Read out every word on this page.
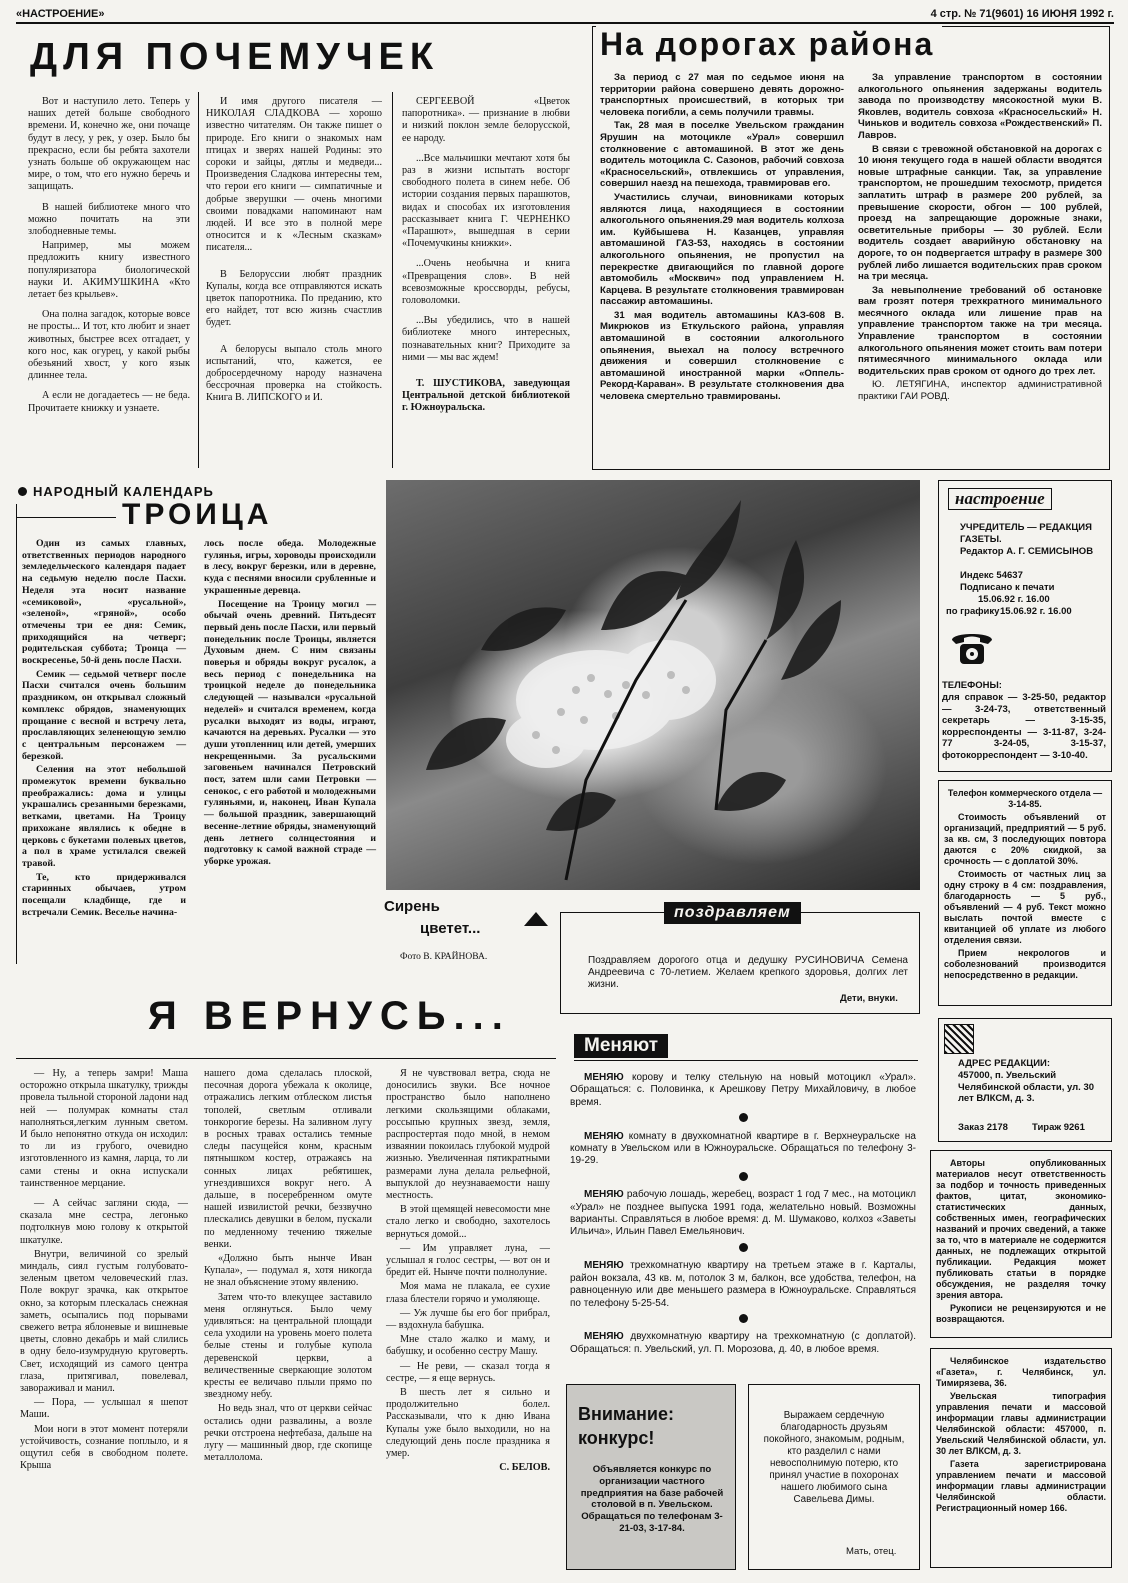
«НАСТРОЕНИЕ»	4 стр. № 71(9601) 16 ИЮНЯ 1992 г.
ДЛЯ ПОЧЕМУЧЕК

Вот и наступило лето. Теперь у наших детей больше свободного времени. И, конечно же, они почаще будут в лесу, у рек, у озер. Было бы прекрасно, если бы ребята захотели узнать больше об окружающем нас мире, о том, что его нужно беречь и защищать.

В нашей библиотеке много что можно почитать на эти злободневные темы.

Например, мы можем предложить книгу известного популяризатора биологической науки И. АКИМУШКИНА «Кто летает без крыльев».

Она полна загадок, которые вовсе не просты... И тот, кто любит и знает животных, быстрее всех отгадает, у кого нос, как огурец, у какой рыбы обезьяний хвост, у кого язык длиннее тела.

А если не догадаетесь — не беда. Прочитаете книжку и узнаете.

И имя другого писателя — НИКОЛАЯ СЛАДКОВА — хорошо известно читателям. Он также пишет о природе. Его книги о знакомых нам птицах и зверях нашей Родины: это сороки и зайцы, дятлы и медведи... Произведения Сладкова интересны тем, что герои его книги — симпатичные и добрые зверушки — очень многими своими повадками напоминают нам людей. И все это в полной мере относится и к «Лесным сказкам» писателя...

В Белоруссии любят праздник Купалы, когда все отправляются искать цветок папоротника. По преданию, кто его найдет, тот всю жизнь счастлив будет.

А белорусы выпало столь много испытаний, что, кажется, ее добросердечному народу назначена бессрочная проверка на стойкость. Книга В. ЛИПСКОГО и И.

СЕРГЕЕВОЙ «Цветок папоротника». — признание в любви и низкий поклон земле белорусской, ее народу.

...Все мальчишки мечтают хотя бы раз в жизни испытать восторг свободного полета в синем небе. Об истории создания первых парашютов, видах и способах их изготовления рассказывает книга Г. ЧЕРНЕНКО «Парашют», вышедшая в серии «Почемучкины книжки».

...Очень необычна и книга «Превращения слов». В ней всевозможные кроссворды, ребусы, головоломки.

...Вы убедились, что в нашей библиотеке много интересных, познавательных книг? Приходите за ними — мы вас ждем!

Т. ШУСТИКОВА, заведующая Центральной детской библиотекой г. Южноуральска.

На дорогах района

За период с 27 мая по седьмое июня на территории района совершено девять дорожно-транспортных происшествий, в которых три человека погибли, а семь получили травмы.

Так, 28 мая в поселке Увельском гражданин Ярушин на мотоцикле «Урал» совершил столкновение с автомашиной. В этот же день водитель мотоцикла С. Сазонов, рабочий совхоза «Красносельский», отвлекшись от управления, совершил наезд на пешехода, травмировав его.

Участились случаи, виновниками которых являются лица, находящиеся в состоянии алкогольного опьянения.29 мая водитель колхоза им. Куйбышева Н. Казанцев, управляя автомашиной ГАЗ-53, находясь в состоянии алкогольного опьянения, не пропустил на перекрестке двигающийся по главной дороге автомобиль «Москвич» под управлением Н. Карцева. В результате столкновения травмирован пассажир автомашины.

31 мая водитель автомашины КАЗ-608 В. Микрюков из Еткульского района, управляя автомашиной в состоянии алкогольного опьянения, выехал на полосу встречного движения и совершил столкновение с автомашиной иностранной марки «Оппель-Рекорд-Караван». В результате столкновения два человека смертельно травмированы.

За управление транспортом в состоянии алкогольного опьянения задержаны водитель завода по производству мясокостной муки В. Яковлев, водитель совхоза «Красносельский» Н. Чиньков и водитель совхоза «Рождественский» П. Лавров.

В связи с тревожной обстановкой на дорогах с 10 июня текущего года в нашей области вводятся новые штрафные санкции. Так, за управление транспортом, не прошедшим техосмотр, придется заплатить штраф в размере 200 рублей, за превышение скорости, обгон — 100 рублей, проезд на запрещающие дорожные знаки, осветительные приборы — 30 рублей. Если водитель создает аварийную обстановку на дороге, то он подвергается штрафу в размере 300 рублей либо лишается водительских прав сроком на три месяца.

За невыполнение требований об остановке вам грозят потеря трехкратного минимального месячного оклада или лишение прав на управление транспортом также на три месяца. Управление транспортом в состоянии алкогольного опьянения может стоить вам потери пятимесячного минимального оклада или водительских прав сроком от одного до трех лет.

Ю. ЛЕТЯГИНА, инспектор административной практики ГАИ РОВД.

НАРОДНЫЙ КАЛЕНДАРЬ
ТРОИЦА

Один из самых главных, ответственных периодов народного земледельческого календаря падает на седьмую неделю после Пасхи. Неделя эта носит название «семиковой», «русальной», «зеленой», «гряной», особо отмечены три ее дня: Семик, приходящийся на четверг; родительская суббота; Троица —воскресенье, 50-й день после Пасхи.

Семик — седьмой четверг после Пасхи считался очень большим праздником, он открывал сложный комплекс обрядов, знаменующих прощание с весной и встречу лета, прославляющих зеленеющую землю с центральным персонажем — березкой.

Селения на этот небольшой промежуток времени буквально преображались: дома и улицы украшались срезанными березками, ветками, цветами. На Троицу прихожане являлись к обедне в церковь с букетами полевых цветов, а пол в храме устилался свежей травой.

Те, кто придерживался старинных обычаев, утром посещали кладбище, где и встречали Семик. Веселье начина-

лось после обеда. Молодежные гулянья, игры, хороводы происходили в лесу, вокруг березки, или в деревне, куда с песнями вносили срубленные и украшенные деревца.

Посещение на Троицу могил — обычай очень древний. Пятьдесят первый день после Пасхи, или первый понедельник после Троицы, является Духовым днем. С ним связаны поверья и обряды вокруг русалок, а весь период с понедельника на троицкой неделе до понедельника следующей — называлси «русальной неделей» и считался временем, когда русалки выходят из воды, играют, качаются на деревьях. Русалки — это души утопленниц или детей, умерших некрещенными. За русальскими заговеньем начинался Петровский пост, затем шли сами Петровки — сенокос, с его работой и молодежными гуляньями, и, наконец, Иван Купала — большой праздник, завершающий весенне-летние обряды, знаменующий день летнего солнцестояния и подготовку к самой важной страде — уборке урожая.

Сирень
цветет...
Фото В. КРАЙНОВА.
поздравляем
Поздравляем дорогого отца и дедушку РУСИНОВИЧА Семена Андреевича с 70-летием. Желаем крепкого здоровья, долгих лет жизни.
Дети, внуки.
настроение
УЧРЕДИТЕЛЬ — РЕДАКЦИЯ ГАЗЕТЫ.
Редактор А. Г. СЕМИСЫНОВ
Индекс 54637
Подписано к печати
15.06.92 г. 16.00
по графику 15.06.92 г. 16.00
ТЕЛЕФОНЫ:
для справок — 3-25-50, редактор — 3-24-73, ответственный секретарь — 3-15-35, корреспонденты — 3-11-87, 3-24-77 3-24-05, 3-15-37, фотокорреспондент — 3-10-40.

Телефон коммерческого отдела — 3-14-85.

Стоимость объявлений от организаций, предприятий — 5 руб. за кв. см, 3 последующих повтора даются с 20% скидкой, за срочность — с доплатой 30%.

Стоимость от частных лиц за одну строку в 4 см: поздравления, благодарность — 5 руб., объявлений — 4 руб. Текст можно выслать почтой вместе с квитанцией об уплате из любого отделения связи.

Прием некрологов и соболезнований производится непосредственно в редакции.

АДРЕС РЕДАКЦИИ:
457000, п. Увельский Челябинской области, ул. 30 лет ВЛКСМ, д. 3.
Заказ 2178	Тираж 9261

Авторы опубликованных материалов несут ответственность за подбор и точность приведенных фактов, цитат, экономико-статистических данных, собственных имен, географических названий и прочих сведений, а также за то, что в материале не содержится данных, не подлежащих открытой публикации. Редакция может публиковать статьи в порядке обсуждения, не разделяя точку зрения автора.

Рукописи не рецензируются и не возвращаются.

Челябинское издательство «Газета», г. Челябинск, ул. Тимирязева, 36.

Увельская типография управления печати и массовой информации главы администрации Челябинской области: 457000, п. Увельский Челябинской области, ул. 30 лет ВЛКСМ, д. 3.

Газета зарегистрирована управлением печати и массовой информации главы администрации Челябинской области. Регистрационный номер 166.

Я ВЕРНУСЬ...

— Ну, а теперь замри! Маша осторожно открыла шкатулку, трижды провела тыльной стороной ладони над ней — полумрак комнаты стал наполняться,легким лунным светом. И было непонятно откуда он исходил: то ли из грубого, очевидно изготовленного из камня, ларца, то ли сами стены и окна испускали таинственное мерцание.

— А сейчас загляни сюда, — сказала мне сестра, легонько подтолкнув мою голову к открытой шкатулке.

Внутри, величиной со зрелый миндаль, сиял густым голубовато-зеленым цветом человеческий глаз. Поле вокруг зрачка, как открытое окно, за которым плескалась снежная заметь, осыпались под порывами свежего ветра яблоневые и вишневые цветы, словно декабрь и май слились в одну бело-изумрудную круговерть. Свет, исходящий из самого центра глаза, притягивал, повелевал, завораживал и манил.

— Пора, — услышал я шепот Маши.

Мои ноги в этот момент потеряли устойчивость, сознание поплыло, и я ощутил себя в свободном полете. Крыша

нашего дома сделалась плоской, песочная дорога убежала к околице, отражались легким отблеском листья тополей, светлым отливали тонкорогие березы. На заливном лугу в росных травах остались темные следы пасущейся конм, красным пятнышком костер, отражаясь на сонных лицах ребятишек, угнездившихся вокруг него. А дальше, в посеребренном омуте нашей извилистой речки, беззвучно плескались девушки в белом, пускали по медленному течению тяжелые венки.

«Должно быть нынче Иван Купала», — подумал я, хотя никогда не знал объяснение этому явлению.

Затем что-то влекущее заставило меня оглянуться. Было чему удивляться: на центральной площади села уходили на уровень моего полета белые стены и голубые купола деревенской церкви, а величественные сверкающие золотом кресты ее величаво плыли прямо по звездному небу.

Но ведь знал, что от церкви сейчас остались одни развалины, а возле речки отстроена нефтебаза, дальше на лугу — машинный двор, где скопище металлолома.

Я не чувствовал ветра, сюда не доносились звуки. Все ночное пространство было наполнено легкими скользящими облаками, россыпью крупных звезд, земля, распростертая подо мной, в немом изваянии покоилась глубокой мудрой жизнью. Увеличенная пятикратными размерами луна делала рельефной, выпуклой до неузнаваемости нашу местность.

В этой щемящей невесомости мне стало легко и свободно, захотелось вернуться домой...

— Им управляет луна, — услышал я голос сестры, — вот он и бредит ей. Нынче почти полнолуние.

Моя мама не плакала, ее сухие глаза блестели горячо и умоляюще.

— Уж лучше бы его бог прибрал, — вздохнула бабушка.

Мне стало жалко и маму, и бабушку, и особенно сестру Машу.

— Не реви, — сказал тогда я сестре, — я еще вернусь.

В шесть лет я сильно и продолжительно болел. Рассказывали, что к дню Ивана Купалы уже было выходили, но на следующий день после праздника я умер.

С. БЕЛОВ.

Меняют

МЕНЯЮ корову и телку стельную на новый мотоцикл «Урал». Обращаться: с. Половинка, к Арешкову Петру Михайловичу, в любое время.

МЕНЯЮ комнату в двухкомнатной квартире в г. Верхнеуральске на комнату в Увельском или в Южноуральске. Обращаться по телефону 3-19-29.

МЕНЯЮ рабочую лошадь, жеребец, возраст 1 год 7 мес., на мотоцикл «Урал» не позднее выпуска 1991 года, желательно новый. Возможны варианты. Справляться в любое время: д. М. Шумаково, колхоз «Заветы Ильича», Ильин Павел Емельянович.

МЕНЯЮ трехкомнатную квартиру на третьем этаже в г. Карталы, район вокзала, 43 кв. м, потолок 3 м, балкон, все удобства, телефон, на равноценную или две меньшего размера в Южноуральске. Справляться по телефону 5-25-54.

МЕНЯЮ двухкомнатную квартиру на трехкомнатную (с доплатой). Обращаться: п. Увельский, ул. П. Морозова, д. 40, в любое время.

Внимание:
конкурс!
Объявляется конкурс по организации частного предприятия на базе рабочей столовой в п. Увельском. Обращаться по телефонам 3-21-03, 3-17-84.
Выражаем сердечную благодарность друзьям покойного, знакомым, родным, кто разделил с нами невосполнимую потерю, кто принял участие в похоронах нашего любимого сына Савельева Димы.
Мать, отец.
